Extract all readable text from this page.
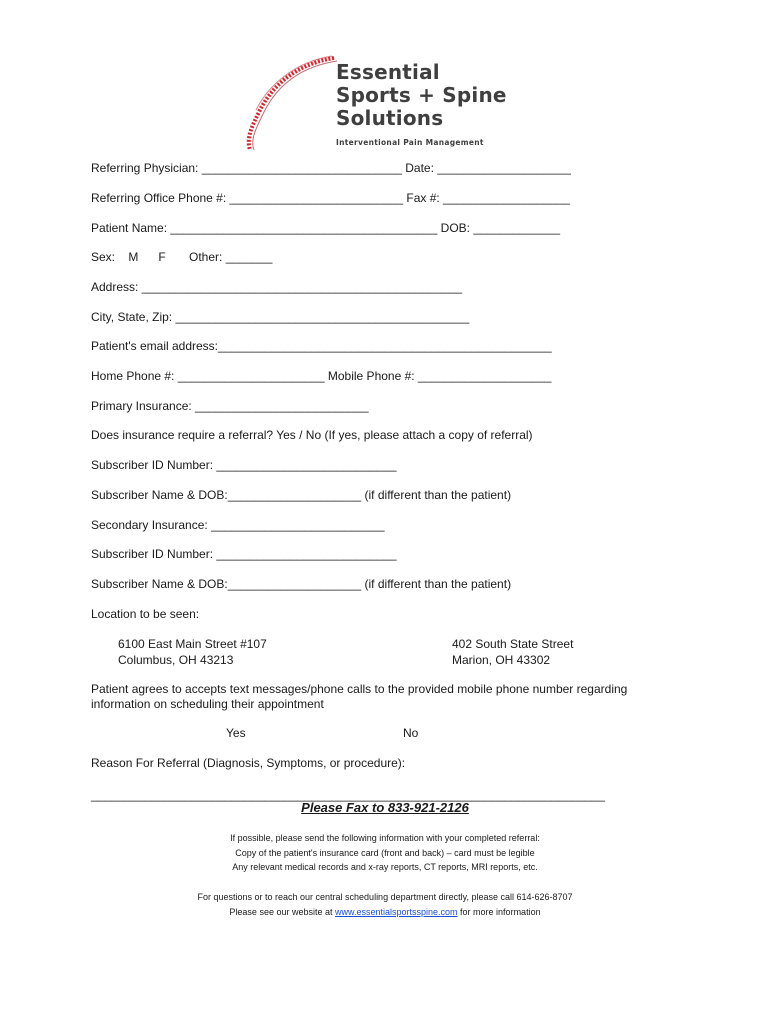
Essential
Sports + Spine
Solutions
Interventional Pain Management
Referring Physician: ______________________________ Date: ____________________
Referring Office Phone #: __________________________ Fax #: ___________________
Patient Name: ________________________________________ DOB: _____________
Sex:    M      F       Other: _______
Address: ________________________________________________
City, State, Zip: ____________________________________________
Patient's email address:__________________________________________________
Home Phone #: ______________________ Mobile Phone #: ____________________
Primary Insurance: __________________________
Does insurance require a referral? Yes / No (If yes, please attach a copy of referral)
Subscriber ID Number: ___________________________
Subscriber Name & DOB:____________________ (if different than the patient)
Secondary Insurance: __________________________
Subscriber ID Number: ___________________________
Subscriber Name & DOB:____________________ (if different than the patient)
Location to be seen:
6100 East Main Street #107
Columbus, OH 43213
402 South State Street
Marion, OH 43302
Patient agrees to accepts text messages/phone calls to the provided mobile phone number regarding
information on scheduling their appointment
Yes	No
Reason For Referral (Diagnosis, Symptoms, or procedure):
_____________________________________________________________________________
Please Fax to 833-921-2126
If possible, please send the following information with your completed referral:
Copy of the patient's insurance card (front and back) – card must be legible
Any relevant medical records and x-ray reports, CT reports, MRI reports, etc.
For questions or to reach our central scheduling department directly, please call 614-626-8707
Please see our website at www.essentialsportsspine.com for more information
